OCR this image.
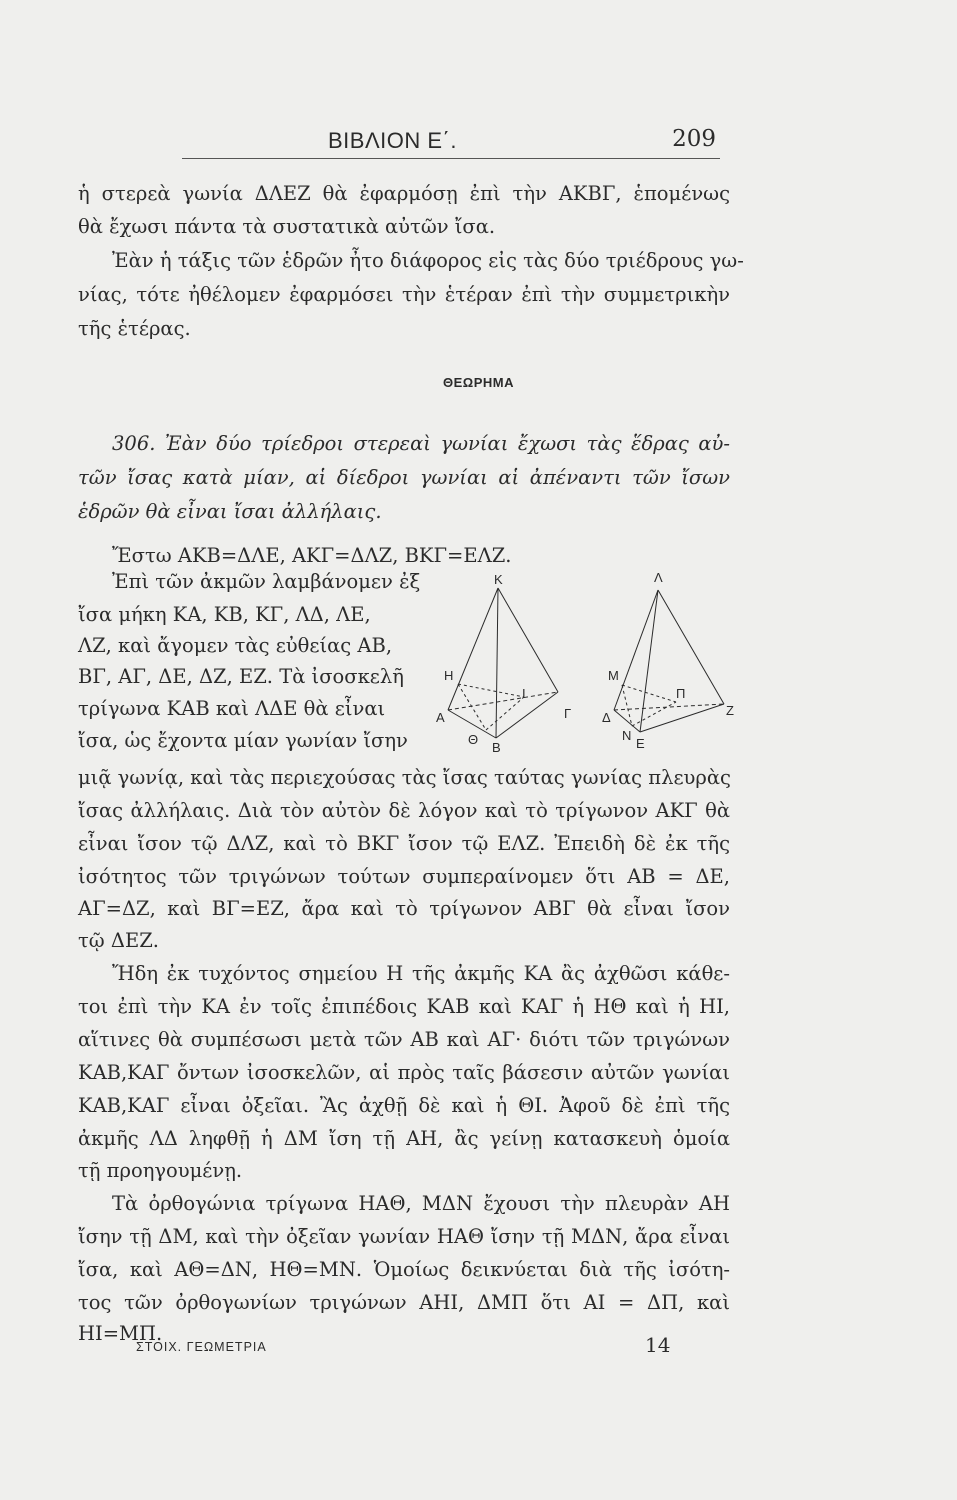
ΒΙΒΛΙΟΝ Ε΄.	209
ἡ στερεὰ γωνία ΔΛΕΖ θὰ ἐφαρμόσῃ ἐπὶ τὴν ΑΚΒΓ, ἑπομένως
θὰ ἔχωσι πάντα τὰ συστατικὰ αὐτῶν ἴσα.
Ἐὰν ἡ τάξις τῶν ἑδρῶν ἦτο διάφορος εἰς τὰς δύο τριέδρους γω-
νίας, τότε ἠθέλομεν ἐφαρμόσει τὴν ἑτέραν ἐπὶ τὴν συμμετρικὴν
τῆς ἑτέρας.
ΘΕΩΡΗΜΑ
306. Ἐὰν δύο τρίεδροι στερεαὶ γωνίαι ἔχωσι τὰς ἕδρας αὐ-
τῶν ἴσας κατὰ μίαν, αἱ δίεδροι γωνίαι αἱ ἀπέναντι τῶν ἴσων
ἑδρῶν θὰ εἶναι ἴσαι ἀλλήλαις.
Ἔστω ΑΚΒ=ΔΛΕ, ΑΚΓ=ΔΛΖ, ΒΚΓ=ΕΛΖ.
Ἐπὶ τῶν ἀκμῶν λαμβάνομεν ἐξ
ἴσα μήκη ΚΑ, ΚΒ, ΚΓ, ΛΔ, ΛΕ,
ΛΖ, καὶ ἄγομεν τὰς εὐθείας ΑΒ,
ΒΓ, ΑΓ, ΔΕ, ΔΖ, ΕΖ. Τὰ ἰσοσκελῆ
τρίγωνα ΚΑΒ καὶ ΛΔΕ θὰ εἶναι
ἴσα, ὡς ἔχοντα μίαν γωνίαν ἴσην
K	Λ
H	M
A	Γ Δ	Z
I	Π
Θ
B
N
E
μιᾷ γωνίᾳ, καὶ τὰς περιεχούσας τὰς ἴσας ταύτας γωνίας πλευρὰς
ἴσας ἀλλήλαις. Διὰ τὸν αὐτὸν δὲ λόγον καὶ τὸ τρίγωνον ΑΚΓ θὰ
εἶναι ἴσον τῷ ΔΛΖ, καὶ τὸ ΒΚΓ ἴσον τῷ ΕΛΖ. Ἐπειδὴ δὲ ἐκ τῆς
ἰσότητος τῶν τριγώνων τούτων συμπεραίνομεν ὅτι ΑΒ = ΔΕ,
ΑΓ=ΔΖ, καὶ ΒΓ=ΕΖ, ἄρα καὶ τὸ τρίγωνον ΑΒΓ θὰ εἶναι ἴσον
τῷ ΔΕΖ.
Ἤδη ἐκ τυχόντος σημείου Η τῆς ἀκμῆς ΚΑ ἂς ἀχθῶσι κάθε-
τοι ἐπὶ τὴν ΚΑ ἐν τοῖς ἐπιπέδοις ΚΑΒ καὶ ΚΑΓ ἡ ΗΘ καὶ ἡ ΗΙ,
αἵτινες θὰ συμπέσωσι μετὰ τῶν ΑΒ καὶ ΑΓ· διότι τῶν τριγώνων
ΚΑΒ,ΚΑΓ ὄντων ἰσοσκελῶν, αἱ πρὸς ταῖς βάσεσιν αὐτῶν γωνίαι
ΚΑΒ,ΚΑΓ εἶναι ὀξεῖαι. Ἂς ἀχθῇ δὲ καὶ ἡ ΘΙ. Ἀφοῦ δὲ ἐπὶ τῆς
ἀκμῆς ΛΔ ληφθῇ ἡ ΔΜ ἴση τῇ ΑΗ, ἂς γείνῃ κατασκευὴ ὁμοία
τῇ προηγουμένῃ.
Τὰ ὀρθογώνια τρίγωνα ΗΑΘ, ΜΔΝ ἔχουσι τὴν πλευρὰν ΑΗ
ἴσην τῇ ΔΜ, καὶ τὴν ὀξεῖαν γωνίαν ΗΑΘ ἴσην τῇ ΜΔΝ, ἄρα εἶναι
ἴσα, καὶ ΑΘ=ΔΝ, ΗΘ=ΜΝ. Ὁμοίως δεικνύεται διὰ τῆς ἰσότη-
τος τῶν ὀρθογωνίων τριγώνων ΑΗΙ, ΔΜΠ ὅτι ΑΙ = ΔΠ, καὶ
ΗΙ=ΜΠ.
ΣΤΟΙΧ. ΓΕΩΜΕΤΡΙΑ	14
